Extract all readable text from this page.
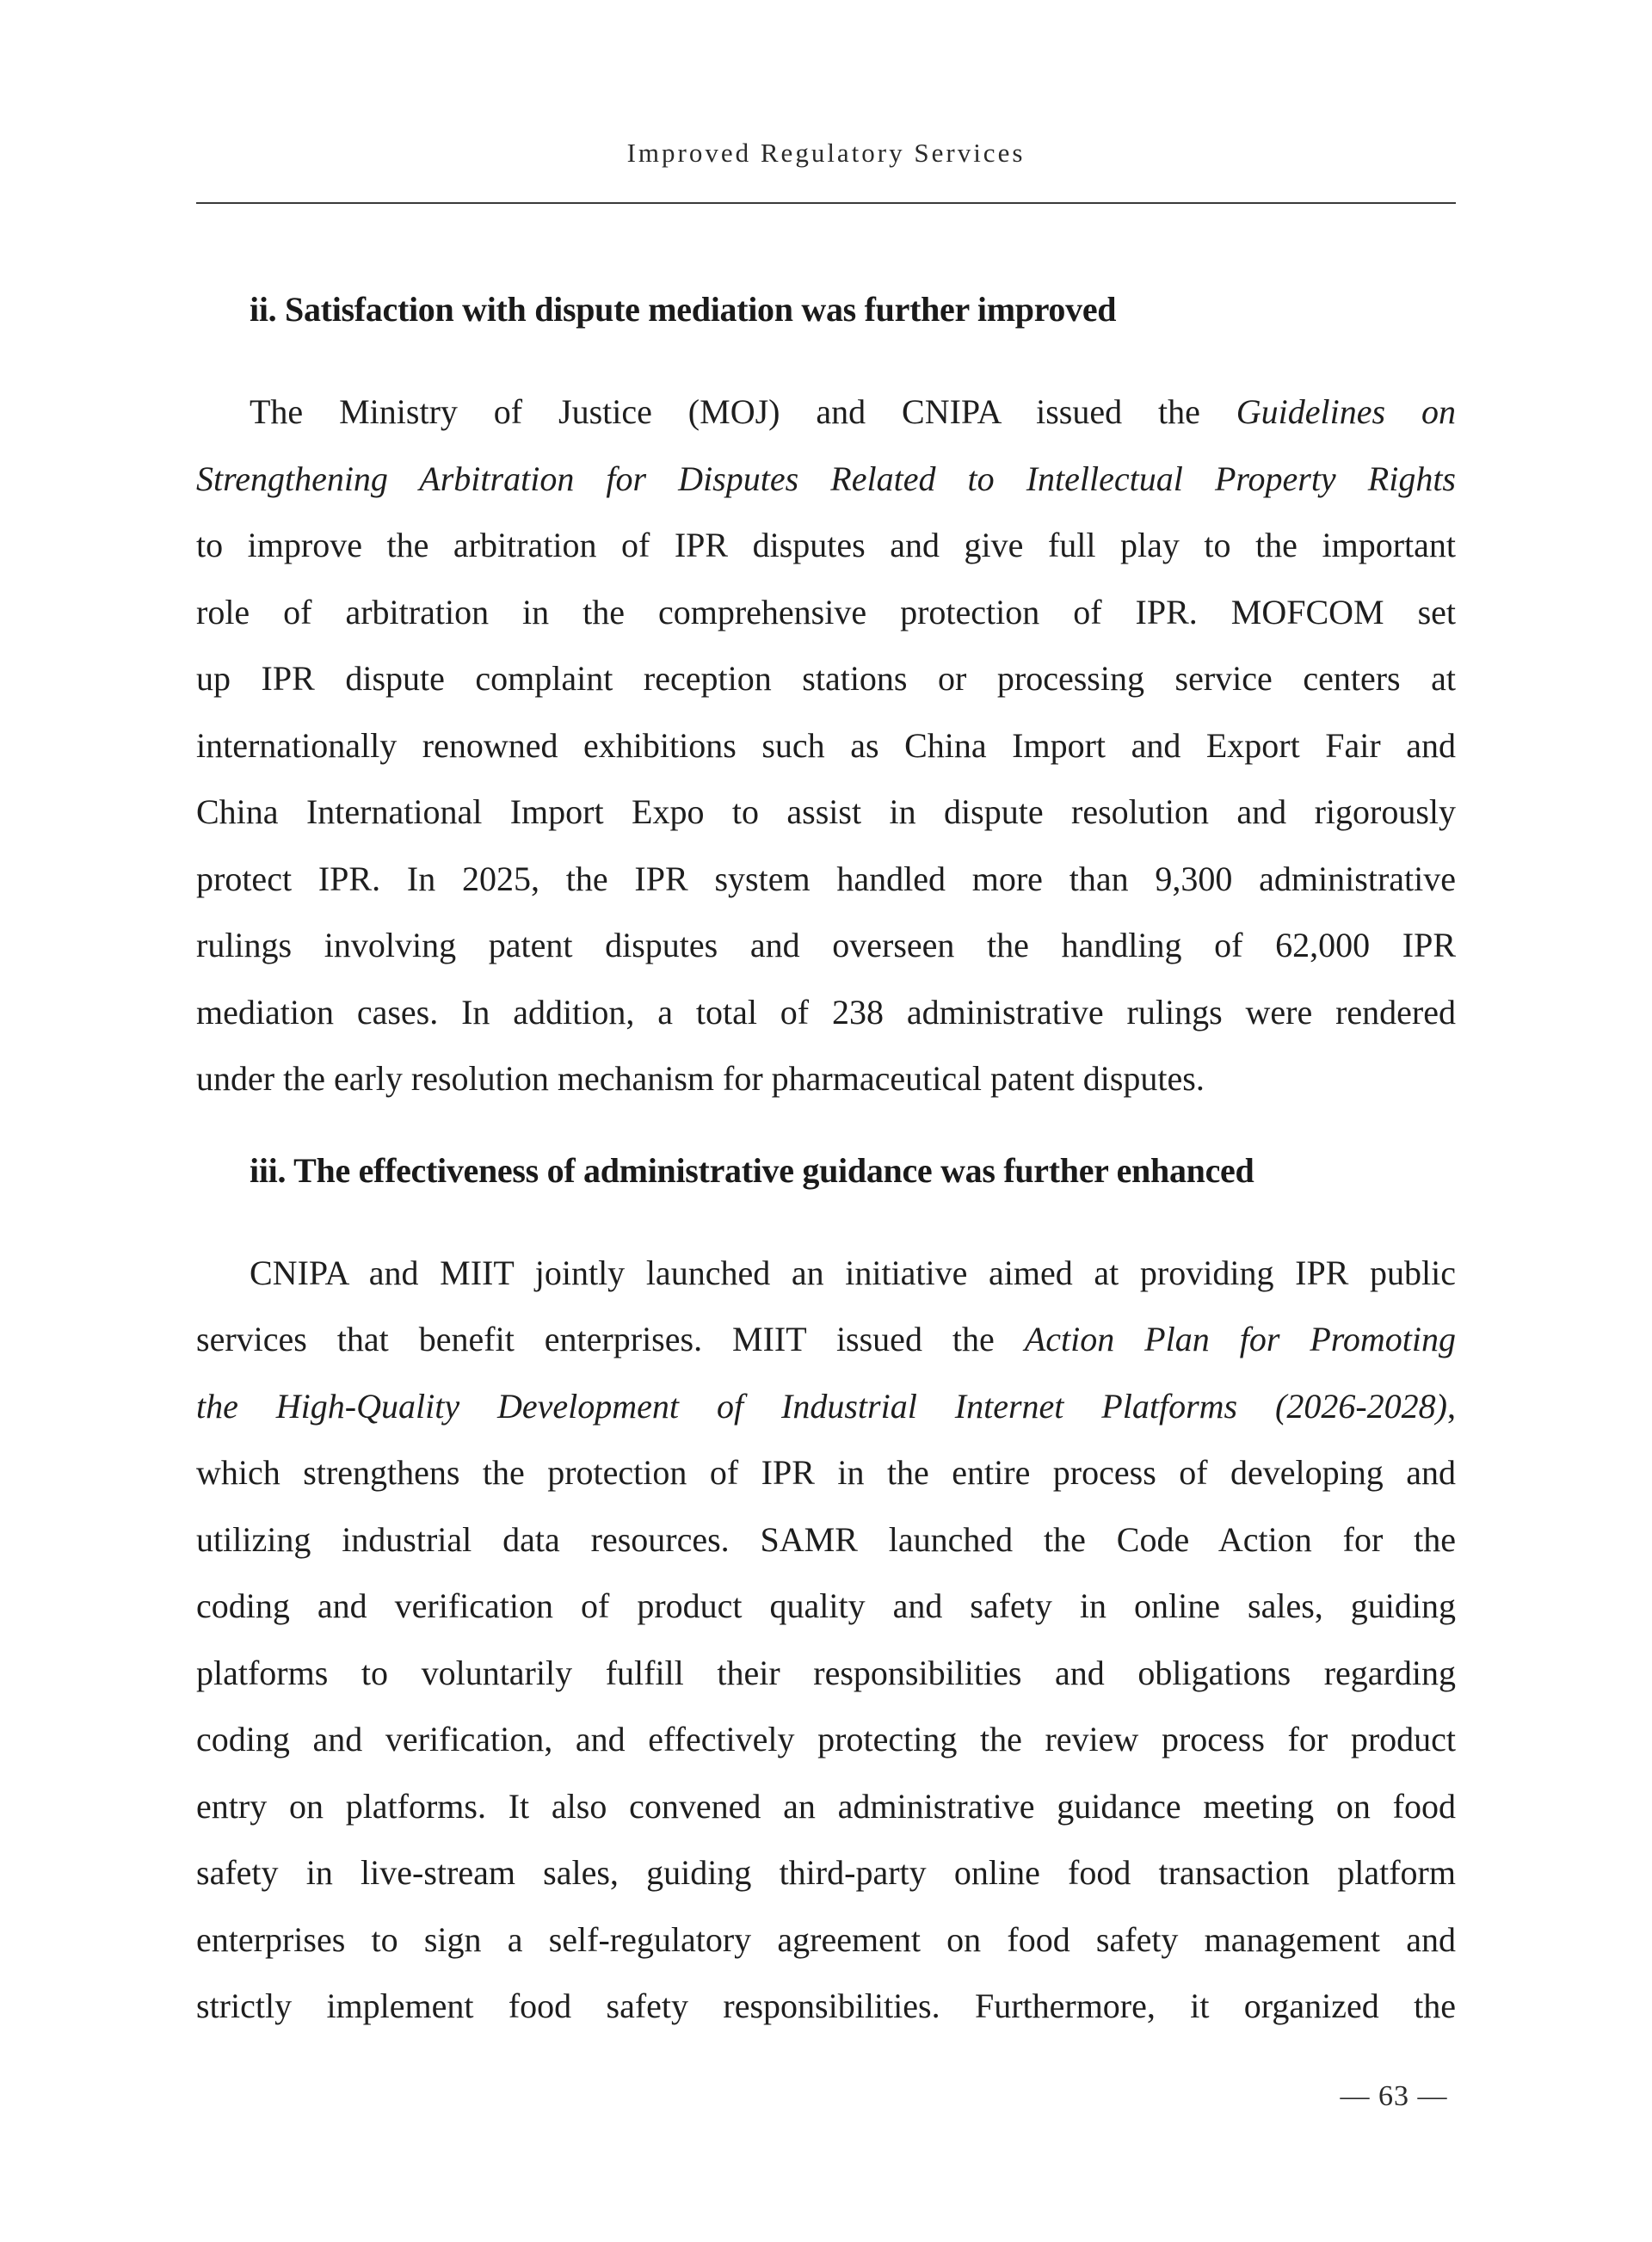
Improved Regulatory Services
ii. Satisfaction with dispute mediation was further improved

The Ministry of Justice (MOJ) and CNIPA issued the Guidelines on
Strengthening Arbitration for Disputes Related to Intellectual Property Rights
to improve the arbitration of IPR disputes and give full play to the important
role of arbitration in the comprehensive protection of IPR. MOFCOM set
up IPR dispute complaint reception stations or processing service centers at
internationally renowned exhibitions such as China Import and Export Fair and
China International Import Expo to assist in dispute resolution and rigorously
protect IPR. In 2025, the IPR system handled more than 9,300 administrative
rulings involving patent disputes and overseen the handling of 62,000 IPR
mediation cases. In addition, a total of 238 administrative rulings were rendered
under the early resolution mechanism for pharmaceutical patent disputes.

iii. The effectiveness of administrative guidance was further enhanced

CNIPA and MIIT jointly launched an initiative aimed at providing IPR public
services that benefit enterprises. MIIT issued the Action Plan for Promoting
the High-Quality Development of Industrial Internet Platforms (2026-2028),
which strengthens the protection of IPR in the entire process of developing and
utilizing industrial data resources. SAMR launched the Code Action for the
coding and verification of product quality and safety in online sales, guiding
platforms to voluntarily fulfill their responsibilities and obligations regarding
coding and verification, and effectively protecting the review process for product
entry on platforms. It also convened an administrative guidance meeting on food
safety in live-stream sales, guiding third-party online food transaction platform
enterprises to sign a self-regulatory agreement on food safety management and
strictly implement food safety responsibilities. Furthermore, it organized the

— 63 —
